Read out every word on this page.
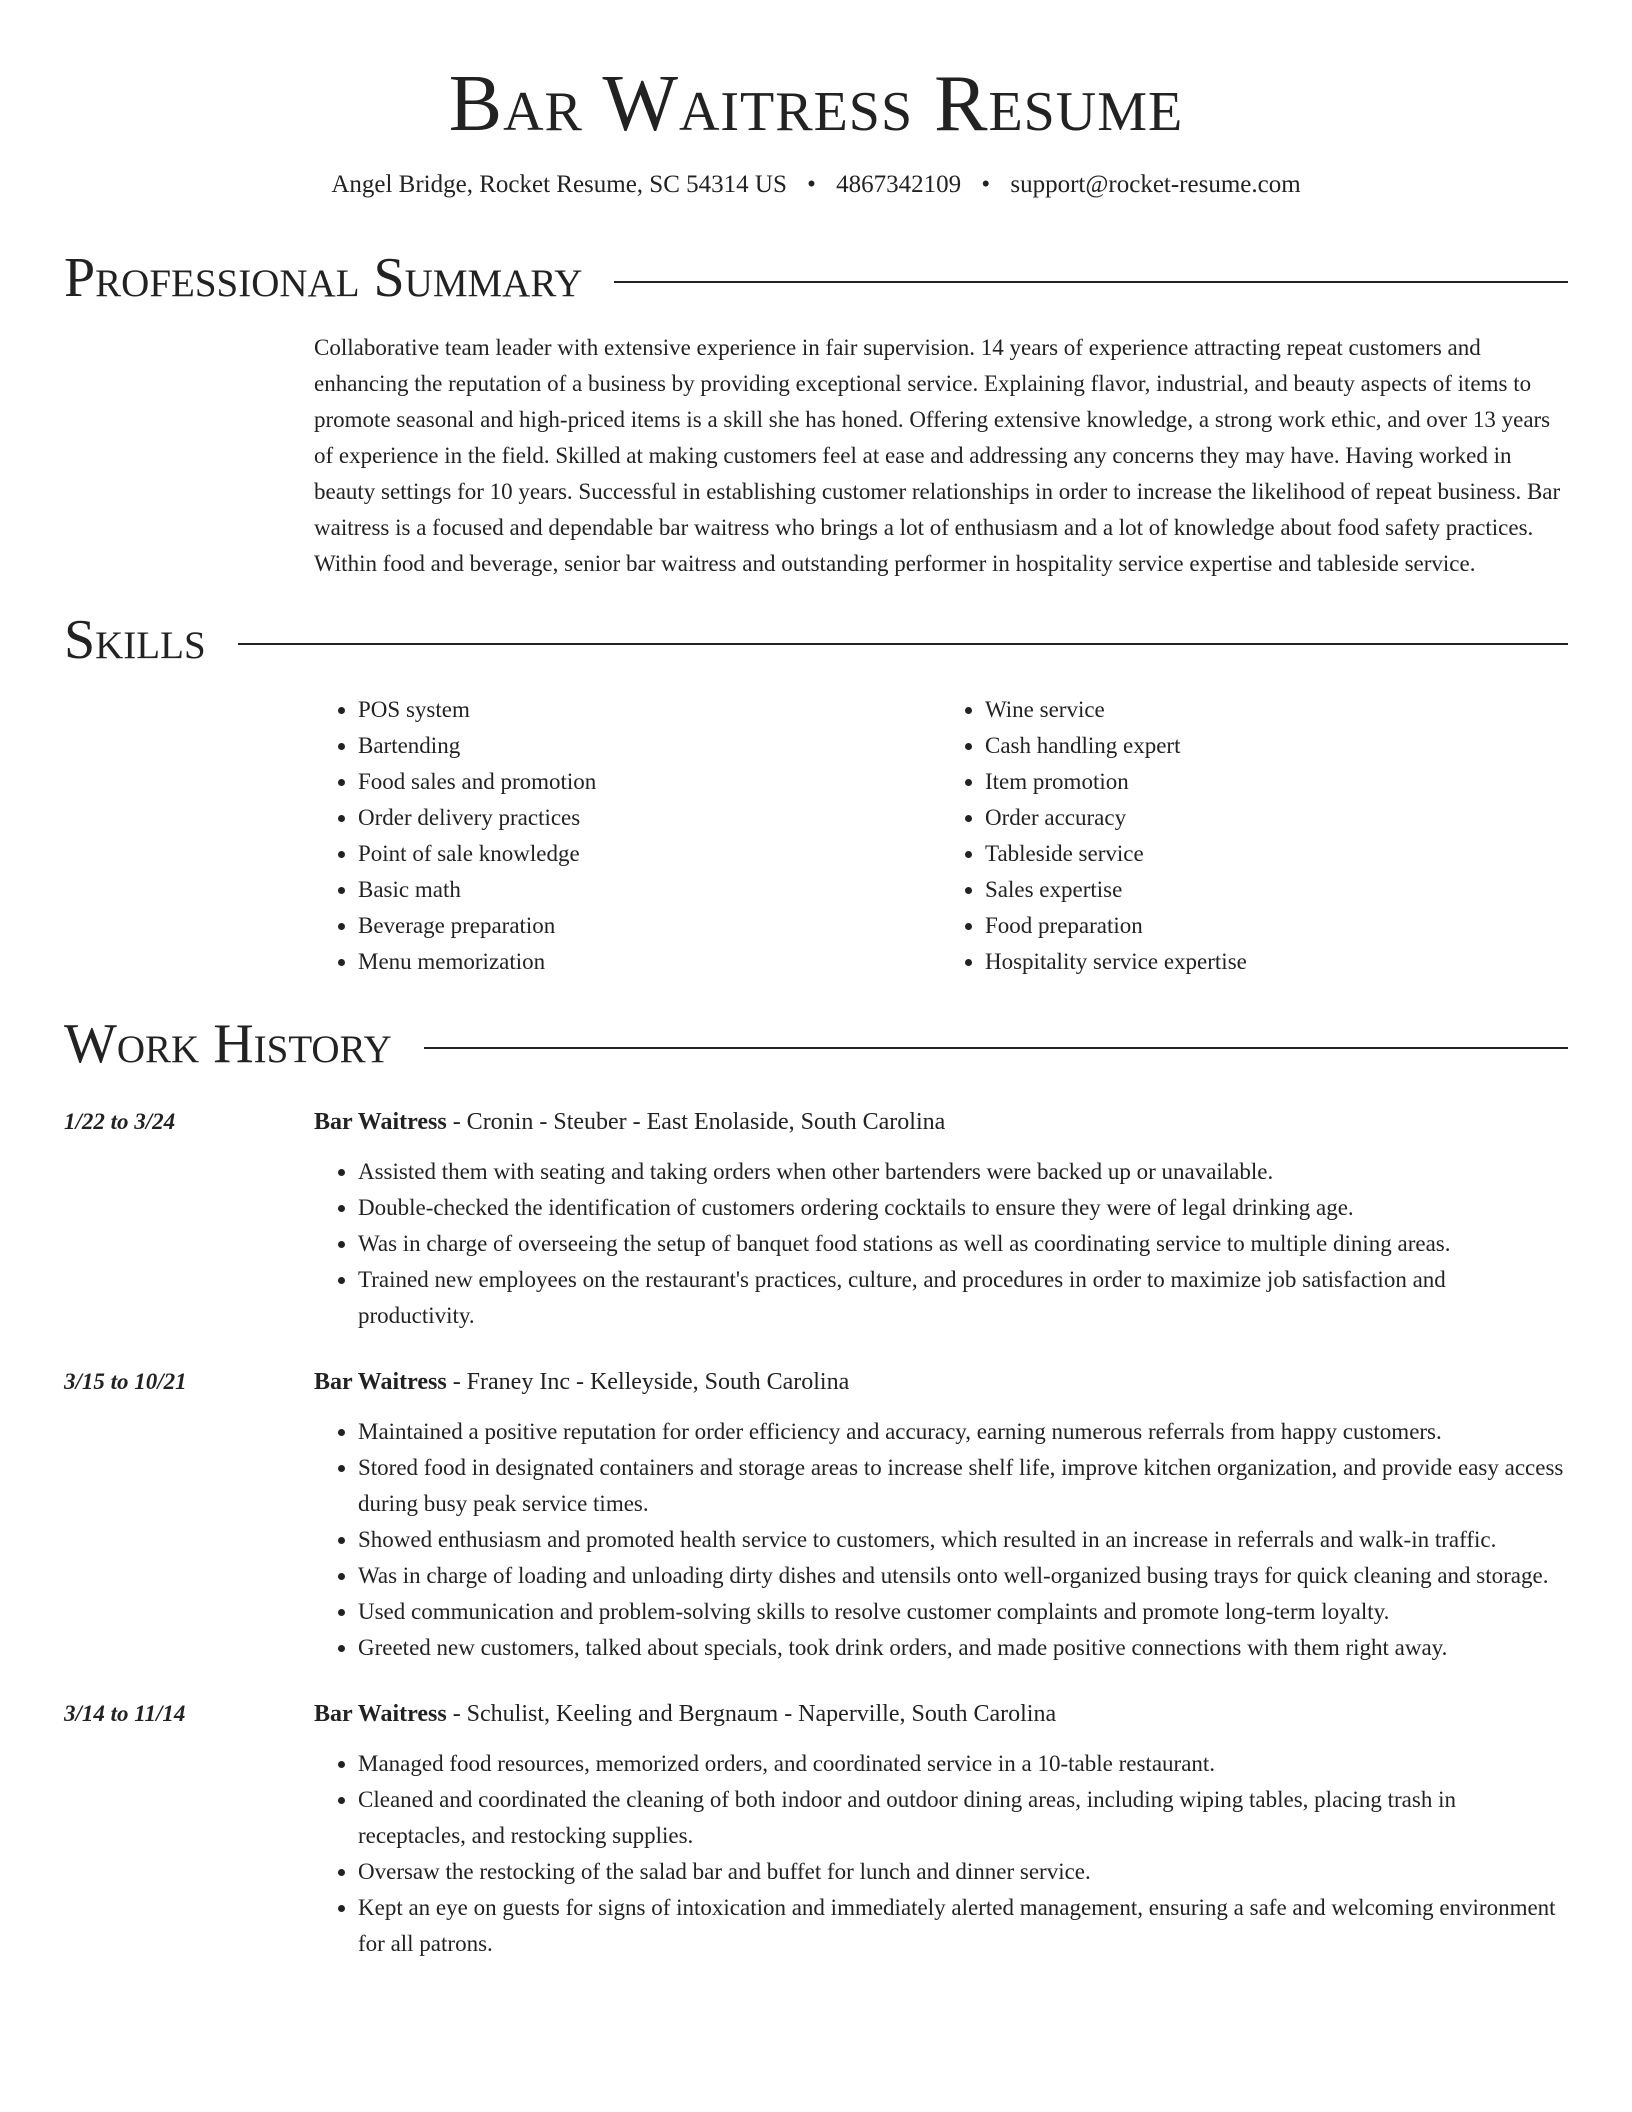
Bar Waitress Resume
Angel Bridge, Rocket Resume, SC 54314 US • 4867342109 • support@rocket-resume.com
Professional Summary

Collaborative team leader with extensive experience in fair supervision. 14 years of experience attracting repeat customers and enhancing the reputation of a business by providing exceptional service. Explaining flavor, industrial, and beauty aspects of items to promote seasonal and high-priced items is a skill she has honed. Offering extensive knowledge, a strong work ethic, and over 13 years of experience in the field. Skilled at making customers feel at ease and addressing any concerns they may have. Having worked in beauty settings for 10 years. Successful in establishing customer relationships in order to increase the likelihood of repeat business. Bar waitress is a focused and dependable bar waitress who brings a lot of enthusiasm and a lot of knowledge about food safety practices. Within food and beverage, senior bar waitress and outstanding performer in hospitality service expertise and tableside service.

Skills
• POS system
• Bartending
• Food sales and promotion
• Order delivery practices
• Point of sale knowledge
• Basic math
• Beverage preparation
• Menu memorization
• Wine service
• Cash handling expert
• Item promotion
• Order accuracy
• Tableside service
• Sales expertise
• Food preparation
• Hospitality service expertise
Work History
1/22 to 3/24	Bar Waitress - Cronin - Steuber - East Enolaside, South Carolina
• Assisted them with seating and taking orders when other bartenders were backed up or unavailable.
• Double-checked the identification of customers ordering cocktails to ensure they were of legal drinking age.
• Was in charge of overseeing the setup of banquet food stations as well as coordinating service to multiple dining areas.
• Trained new employees on the restaurant's practices, culture, and procedures in order to maximize job satisfaction and productivity.
3/15 to 10/21	Bar Waitress - Franey Inc - Kelleyside, South Carolina
• Maintained a positive reputation for order efficiency and accuracy, earning numerous referrals from happy customers.
• Stored food in designated containers and storage areas to increase shelf life, improve kitchen organization, and provide easy access during busy peak service times.
• Showed enthusiasm and promoted health service to customers, which resulted in an increase in referrals and walk-in traffic.
• Was in charge of loading and unloading dirty dishes and utensils onto well-organized busing trays for quick cleaning and storage.
• Used communication and problem-solving skills to resolve customer complaints and promote long-term loyalty.
• Greeted new customers, talked about specials, took drink orders, and made positive connections with them right away.
3/14 to 11/14	Bar Waitress - Schulist, Keeling and Bergnaum - Naperville, South Carolina
• Managed food resources, memorized orders, and coordinated service in a 10-table restaurant.
• Cleaned and coordinated the cleaning of both indoor and outdoor dining areas, including wiping tables, placing trash in receptacles, and restocking supplies.
• Oversaw the restocking of the salad bar and buffet for lunch and dinner service.
• Kept an eye on guests for signs of intoxication and immediately alerted management, ensuring a safe and welcoming environment for all patrons.
